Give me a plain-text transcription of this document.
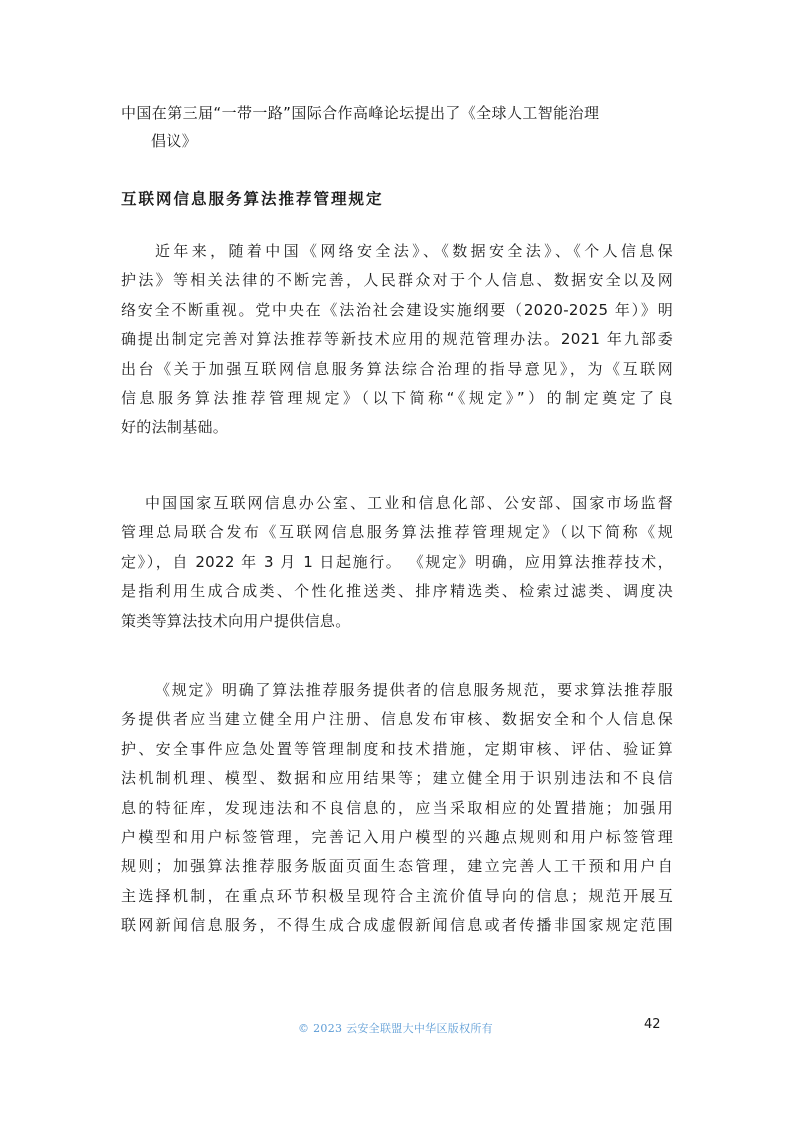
中国在第三届“一带一路”国际合作高峰论坛提出了《全球人工智能治理
倡议》
互联网信息服务算法推荐管理规定
近年来，随着中国《网络安全法》、《数据安全法》、《个人信息保
护法》等相关法律的不断完善，人民群众对于个人信息、数据安全以及网
络安全不断重视。党中央在《法治社会建设实施纲要（2020-2025 年）》明
确提出制定完善对算法推荐等新技术应用的规范管理办法。2021 年九部委
出台《关于加强互联网信息服务算法综合治理的指导意见》，为《互联网
信息服务算法推荐管理规定》（以下简称“《规定》”）的制定奠定了良
好的法制基础。
中国国家互联网信息办公室、工业和信息化部、公安部、国家市场监督
管理总局联合发布《互联网信息服务算法推荐管理规定》（以下简称《规
定》），自 2022 年 3 月 1 日起施行。 《规定》明确，应用算法推荐技术，
是指利用生成合成类、个性化推送类、排序精选类、检索过滤类、调度决
策类等算法技术向用户提供信息。
《规定》明确了算法推荐服务提供者的信息服务规范，要求算法推荐服
务提供者应当建立健全用户注册、信息发布审核、数据安全和个人信息保
护、安全事件应急处置等管理制度和技术措施，定期审核、评估、验证算
法机制机理、模型、数据和应用结果等；建立健全用于识别违法和不良信
息的特征库，发现违法和不良信息的，应当采取相应的处置措施；加强用
户模型和用户标签管理，完善记入用户模型的兴趣点规则和用户标签管理
规则；加强算法推荐服务版面页面生态管理，建立完善人工干预和用户自
主选择机制，在重点环节积极呈现符合主流价值导向的信息；规范开展互
联网新闻信息服务，不得生成合成虚假新闻信息或者传播非国家规定范围
© 2023 云安全联盟大中华区版权所有	42
